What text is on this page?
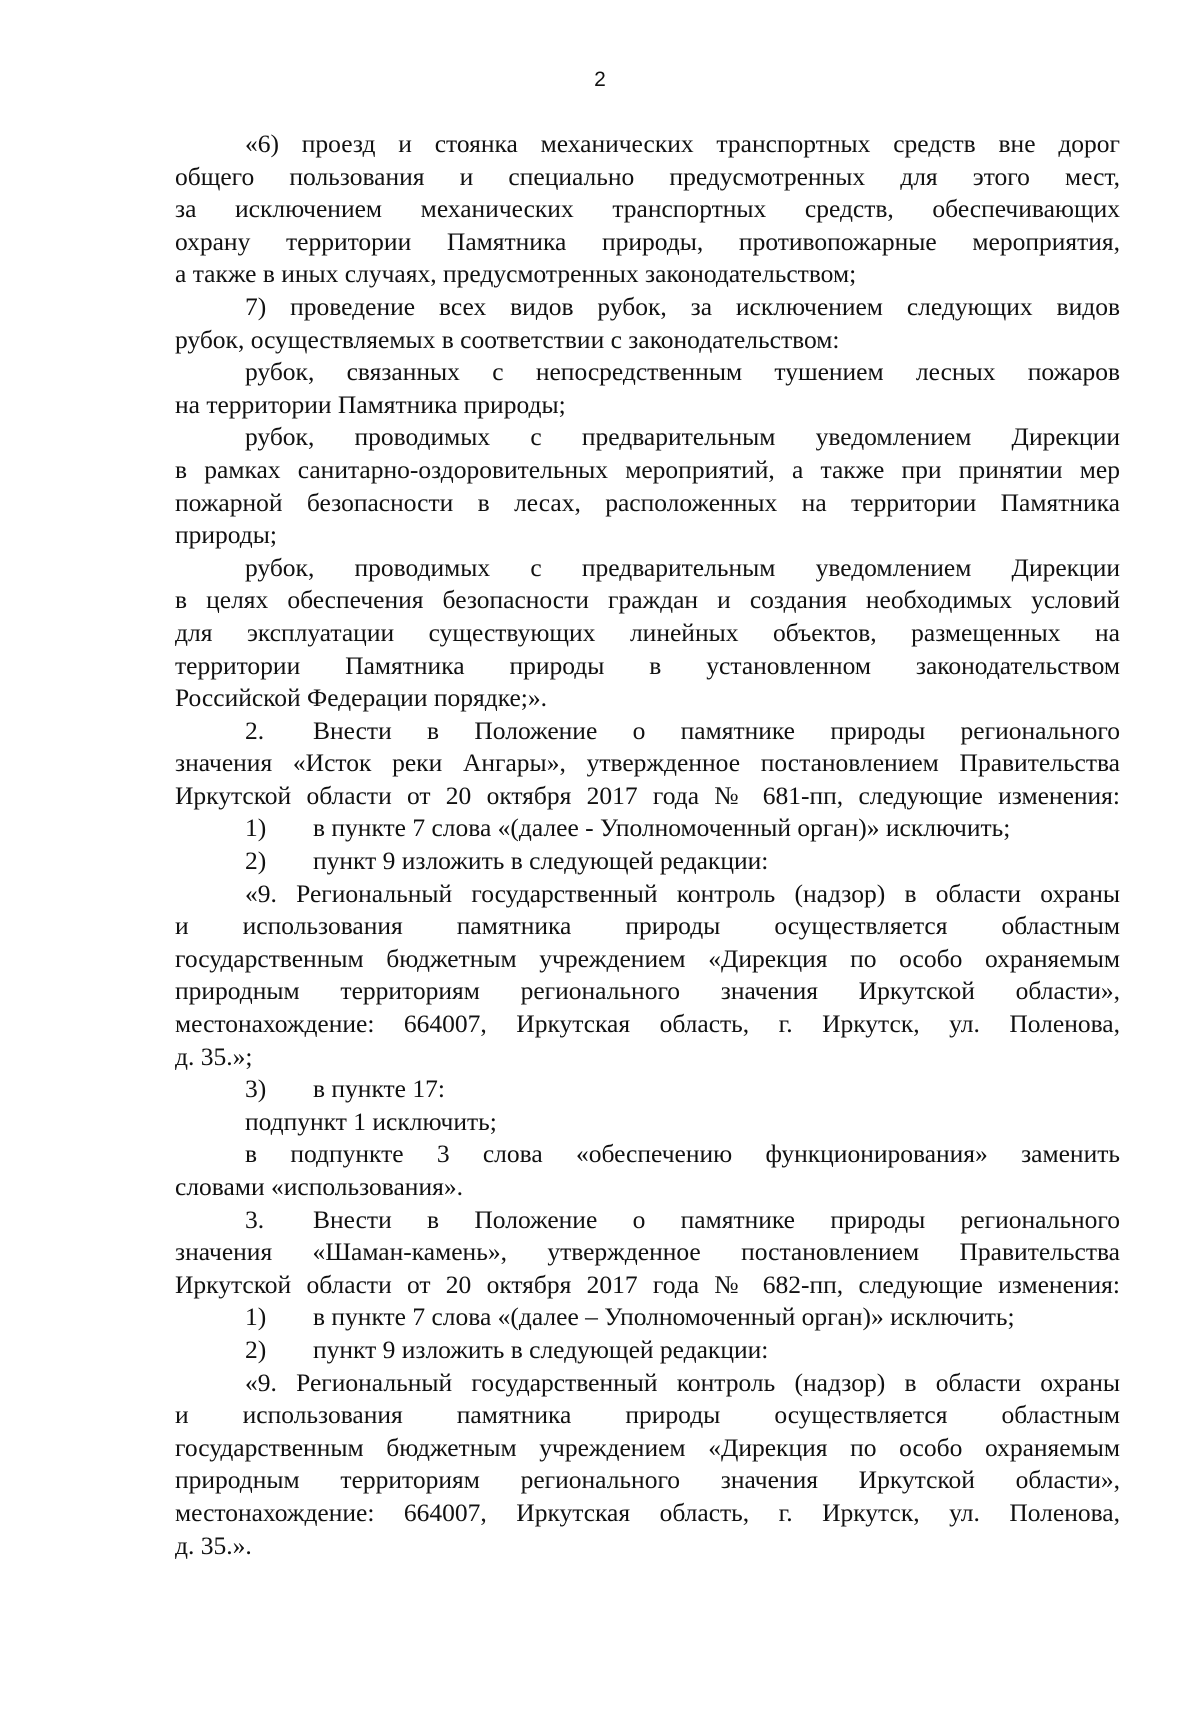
2
«6) проезд и стоянка механических транспортных средств вне дорог
общего пользования и специально предусмотренных для этого мест,
за исключением механических транспортных средств, обеспечивающих
охрану территории Памятника природы, противопожарные мероприятия,
а также в иных случаях, предусмотренных законодательством;
7) проведение всех видов рубок, за исключением следующих видов
рубок, осуществляемых в соответствии с законодательством:
рубок, связанных с непосредственным тушением лесных пожаров
на территории Памятника природы;
рубок, проводимых с предварительным уведомлением Дирекции
в рамках санитарно-оздоровительных мероприятий, а также при принятии мер
пожарной безопасности в лесах, расположенных на территории Памятника
природы;
рубок, проводимых с предварительным уведомлением Дирекции
в целях обеспечения безопасности граждан и создания необходимых условий
для эксплуатации существующих линейных объектов, размещенных на
территории Памятника природы в установленном законодательством
Российской Федерации порядке;».
2. Внести в Положение о памятнике природы регионального
значения «Исток реки Ангары», утвержденное постановлением Правительства
Иркутской области от 20 октября 2017 года № 681-пп, следующие изменения:
1) в пункте 7 слова «(далее - Уполномоченный орган)» исключить;
2) пункт 9 изложить в следующей редакции:
«9. Региональный государственный контроль (надзор) в области охраны
и использования памятника природы осуществляется областным
государственным бюджетным учреждением «Дирекция по особо охраняемым
природным территориям регионального значения Иркутской области»,
местонахождение: 664007, Иркутская область, г. Иркутск, ул. Поленова,
д. 35.»;
3) в пункте 17:
подпункт 1 исключить;
в подпункте 3 слова «обеспечению функционирования» заменить
словами «использования».
3. Внести в Положение о памятнике природы регионального
значения «Шаман-камень», утвержденное постановлением Правительства
Иркутской области от 20 октября 2017 года № 682-пп, следующие изменения:
1) в пункте 7 слова «(далее – Уполномоченный орган)» исключить;
2) пункт 9 изложить в следующей редакции:
«9. Региональный государственный контроль (надзор) в области охраны
и использования памятника природы осуществляется областным
государственным бюджетным учреждением «Дирекция по особо охраняемым
природным территориям регионального значения Иркутской области»,
местонахождение: 664007, Иркутская область, г. Иркутск, ул. Поленова,
д. 35.».
